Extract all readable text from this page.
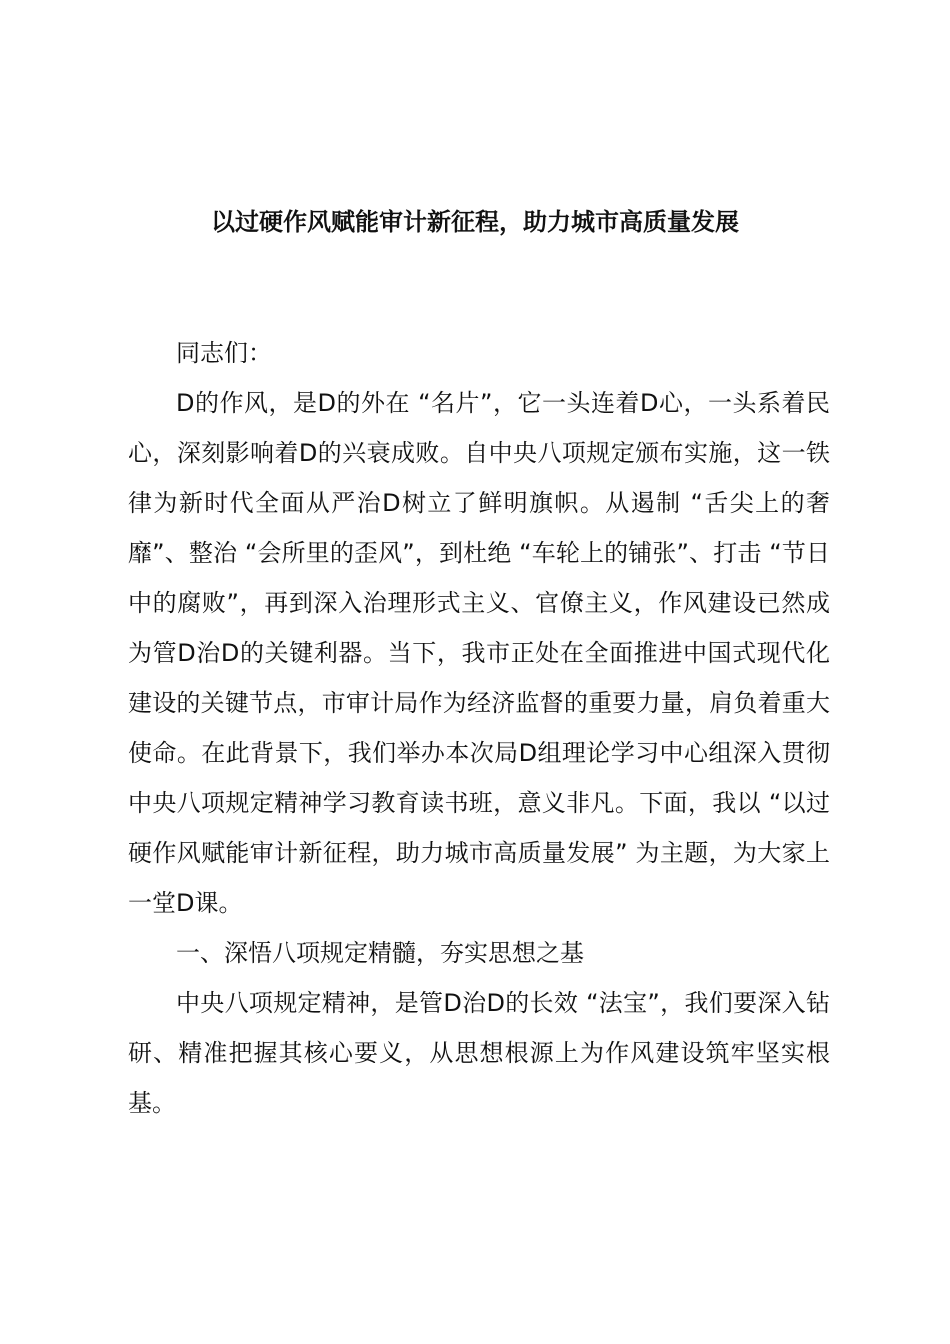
以过硬作风赋能审计新征程，助力城市高质量发展

同志们：

D的作风，是D的外在 “名片”，它一头连着D心，一头系着民心，深刻影响着D的兴衰成败。自中央八项规定颁布实施，这一铁律为新时代全面从严治D树立了鲜明旗帜。从遏制 “舌尖上的奢靡”、整治 “会所里的歪风”，到杜绝 “车轮上的铺张”、打击 “节日中的腐败”，再到深入治理形式主义、官僚主义，作风建设已然成为管D治D的关键利器。当下，我市正处在全面推进中国式现代化建设的关键节点，市审计局作为经济监督的重要力量，肩负着重大使命。在此背景下，我们举办本次局D组理论学习中心组深入贯彻中央八项规定精神学习教育读书班，意义非凡。下面，我以 “以过硬作风赋能审计新征程，助力城市高质量发展” 为主题，为大家上一堂D课。

一、深悟八项规定精髓，夯实思想之基

中央八项规定精神，是管D治D的长效 “法宝”，我们要深入钻研、精准把握其核心要义，从思想根源上为作风建设筑牢坚实根基。
